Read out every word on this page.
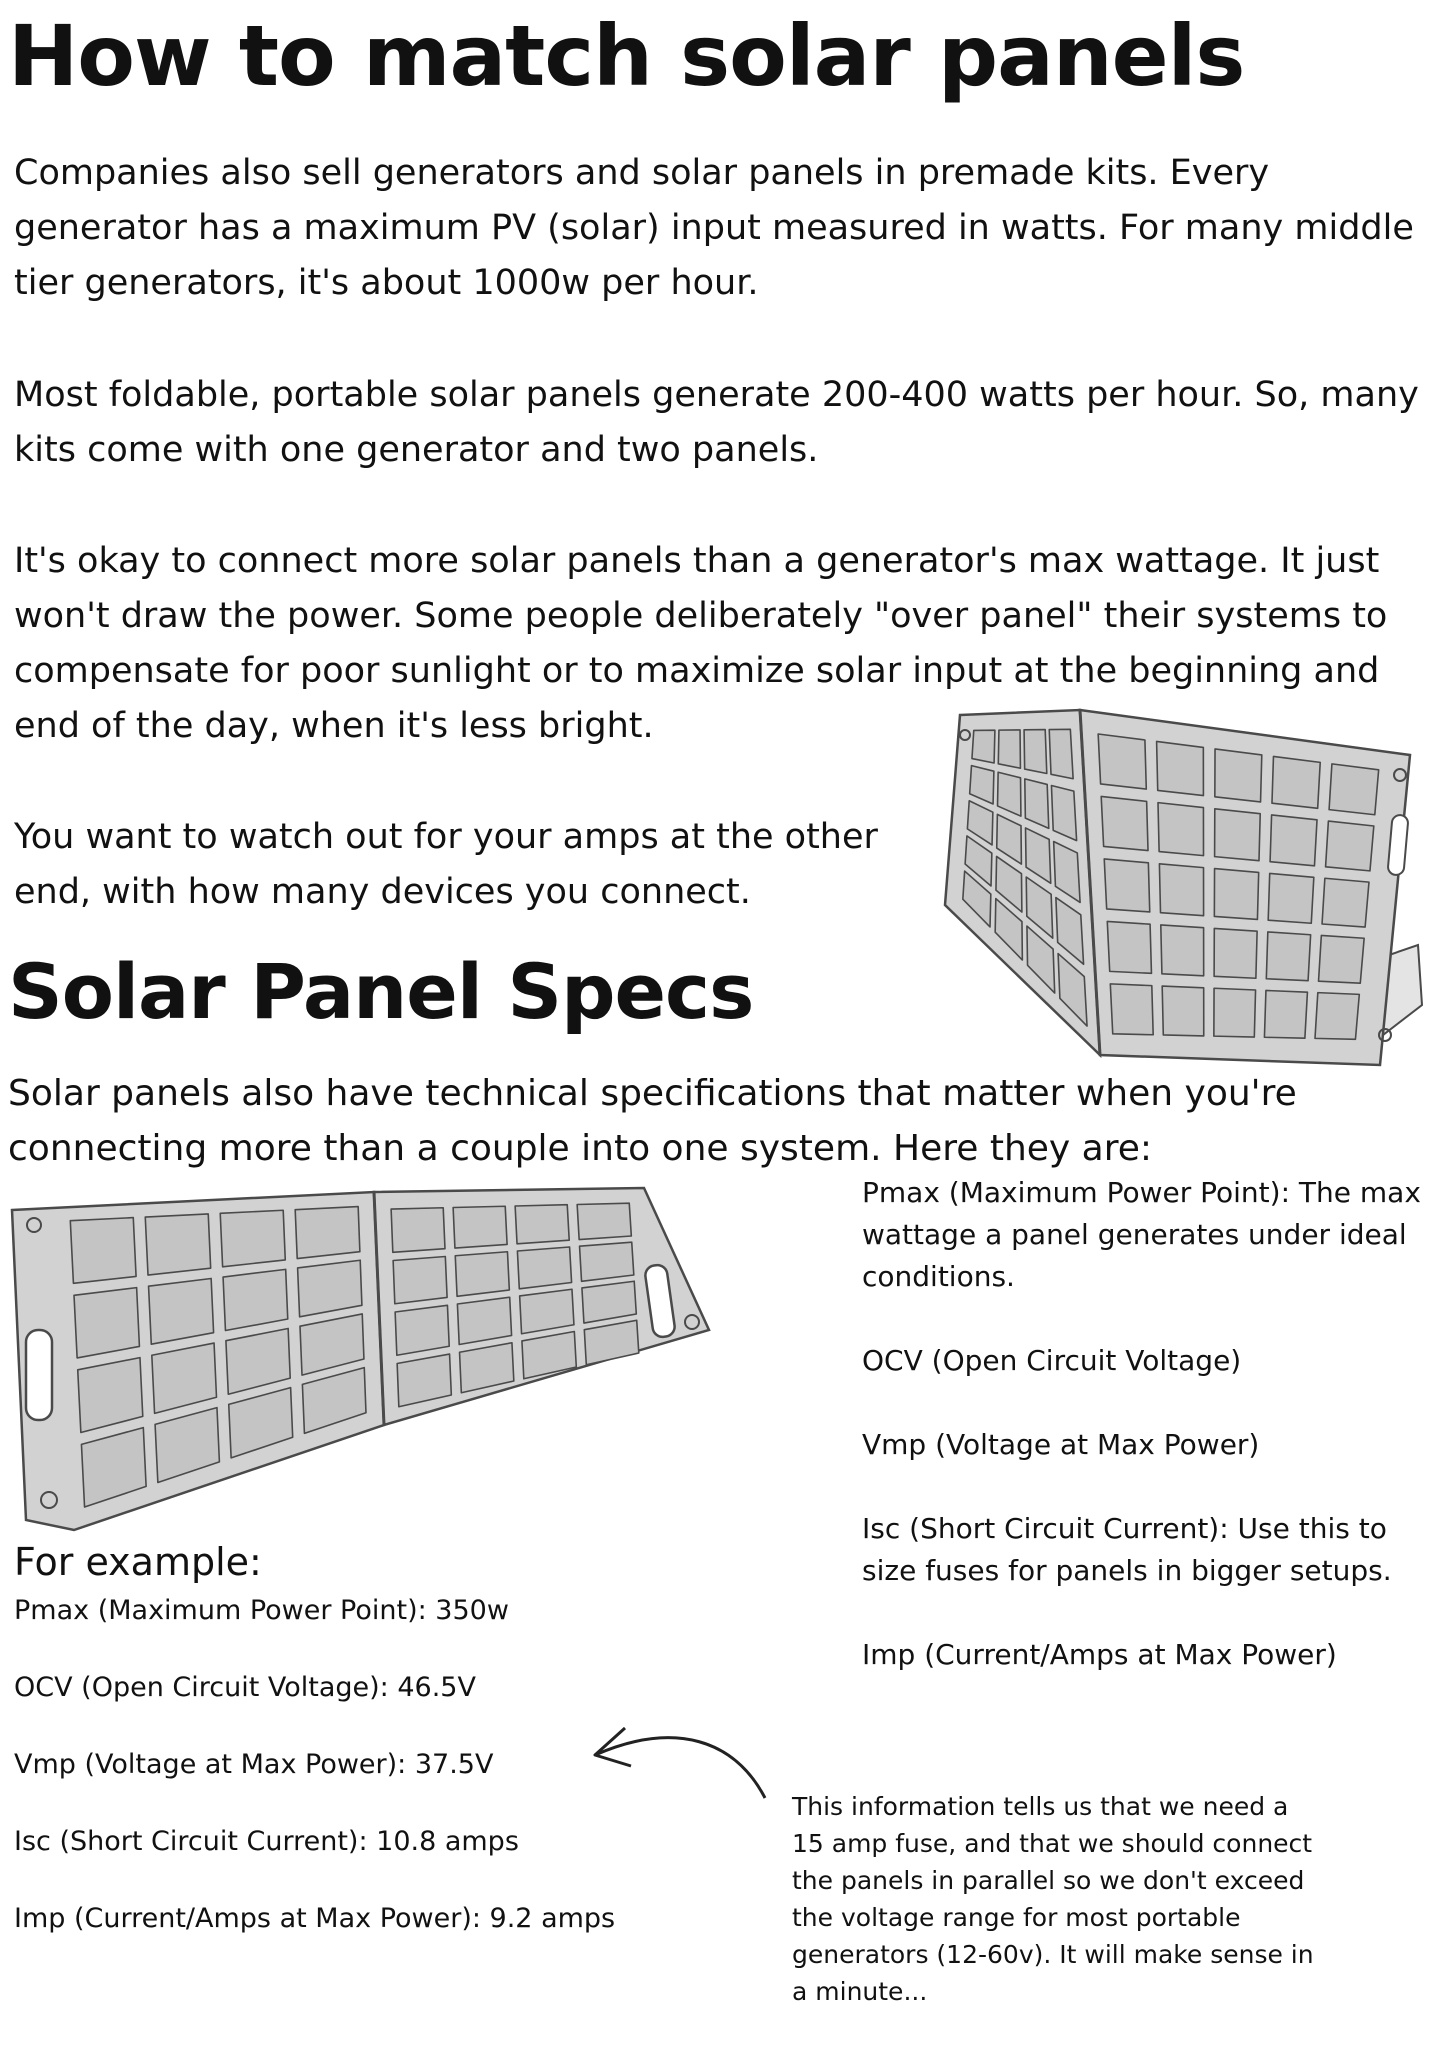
How to match solar panels

Companies also sell generators and solar panels in premade kits. Every generator has a maximum PV (solar) input measured in watts. For many middle tier generators, it's about 1000w per hour.

Most foldable, portable solar panels generate 200-400 watts per hour. So, many kits come with one generator and two panels.

It's okay to connect more solar panels than a generator's max wattage. It just won't draw the power. Some people deliberately "over panel" their systems to compensate for poor sunlight or to maximize solar input at the beginning and end of the day, when it's less bright.

You want to watch out for your amps at the other end, with how many devices you connect.

Solar Panel Specs

Solar panels also have technical specifications that matter when you're connecting more than a couple into one system. Here they are:

Pmax (Maximum Power Point): The max wattage a panel generates under ideal conditions.

OCV (Open Circuit Voltage)

Vmp (Voltage at Max Power)

Isc (Short Circuit Current): Use this to size fuses for panels in bigger setups.

Imp (Current/Amps at Max Power)

For example:

Pmax (Maximum Power Point): 350w

OCV (Open Circuit Voltage): 46.5V

Vmp (Voltage at Max Power): 37.5V

Isc (Short Circuit Current): 10.8 amps

Imp (Current/Amps at Max Power): 9.2 amps

This information tells us that we need a 15 amp fuse, and that we should connect the panels in parallel so we don't exceed the voltage range for most portable generators (12-60v). It will make sense in a minute...
